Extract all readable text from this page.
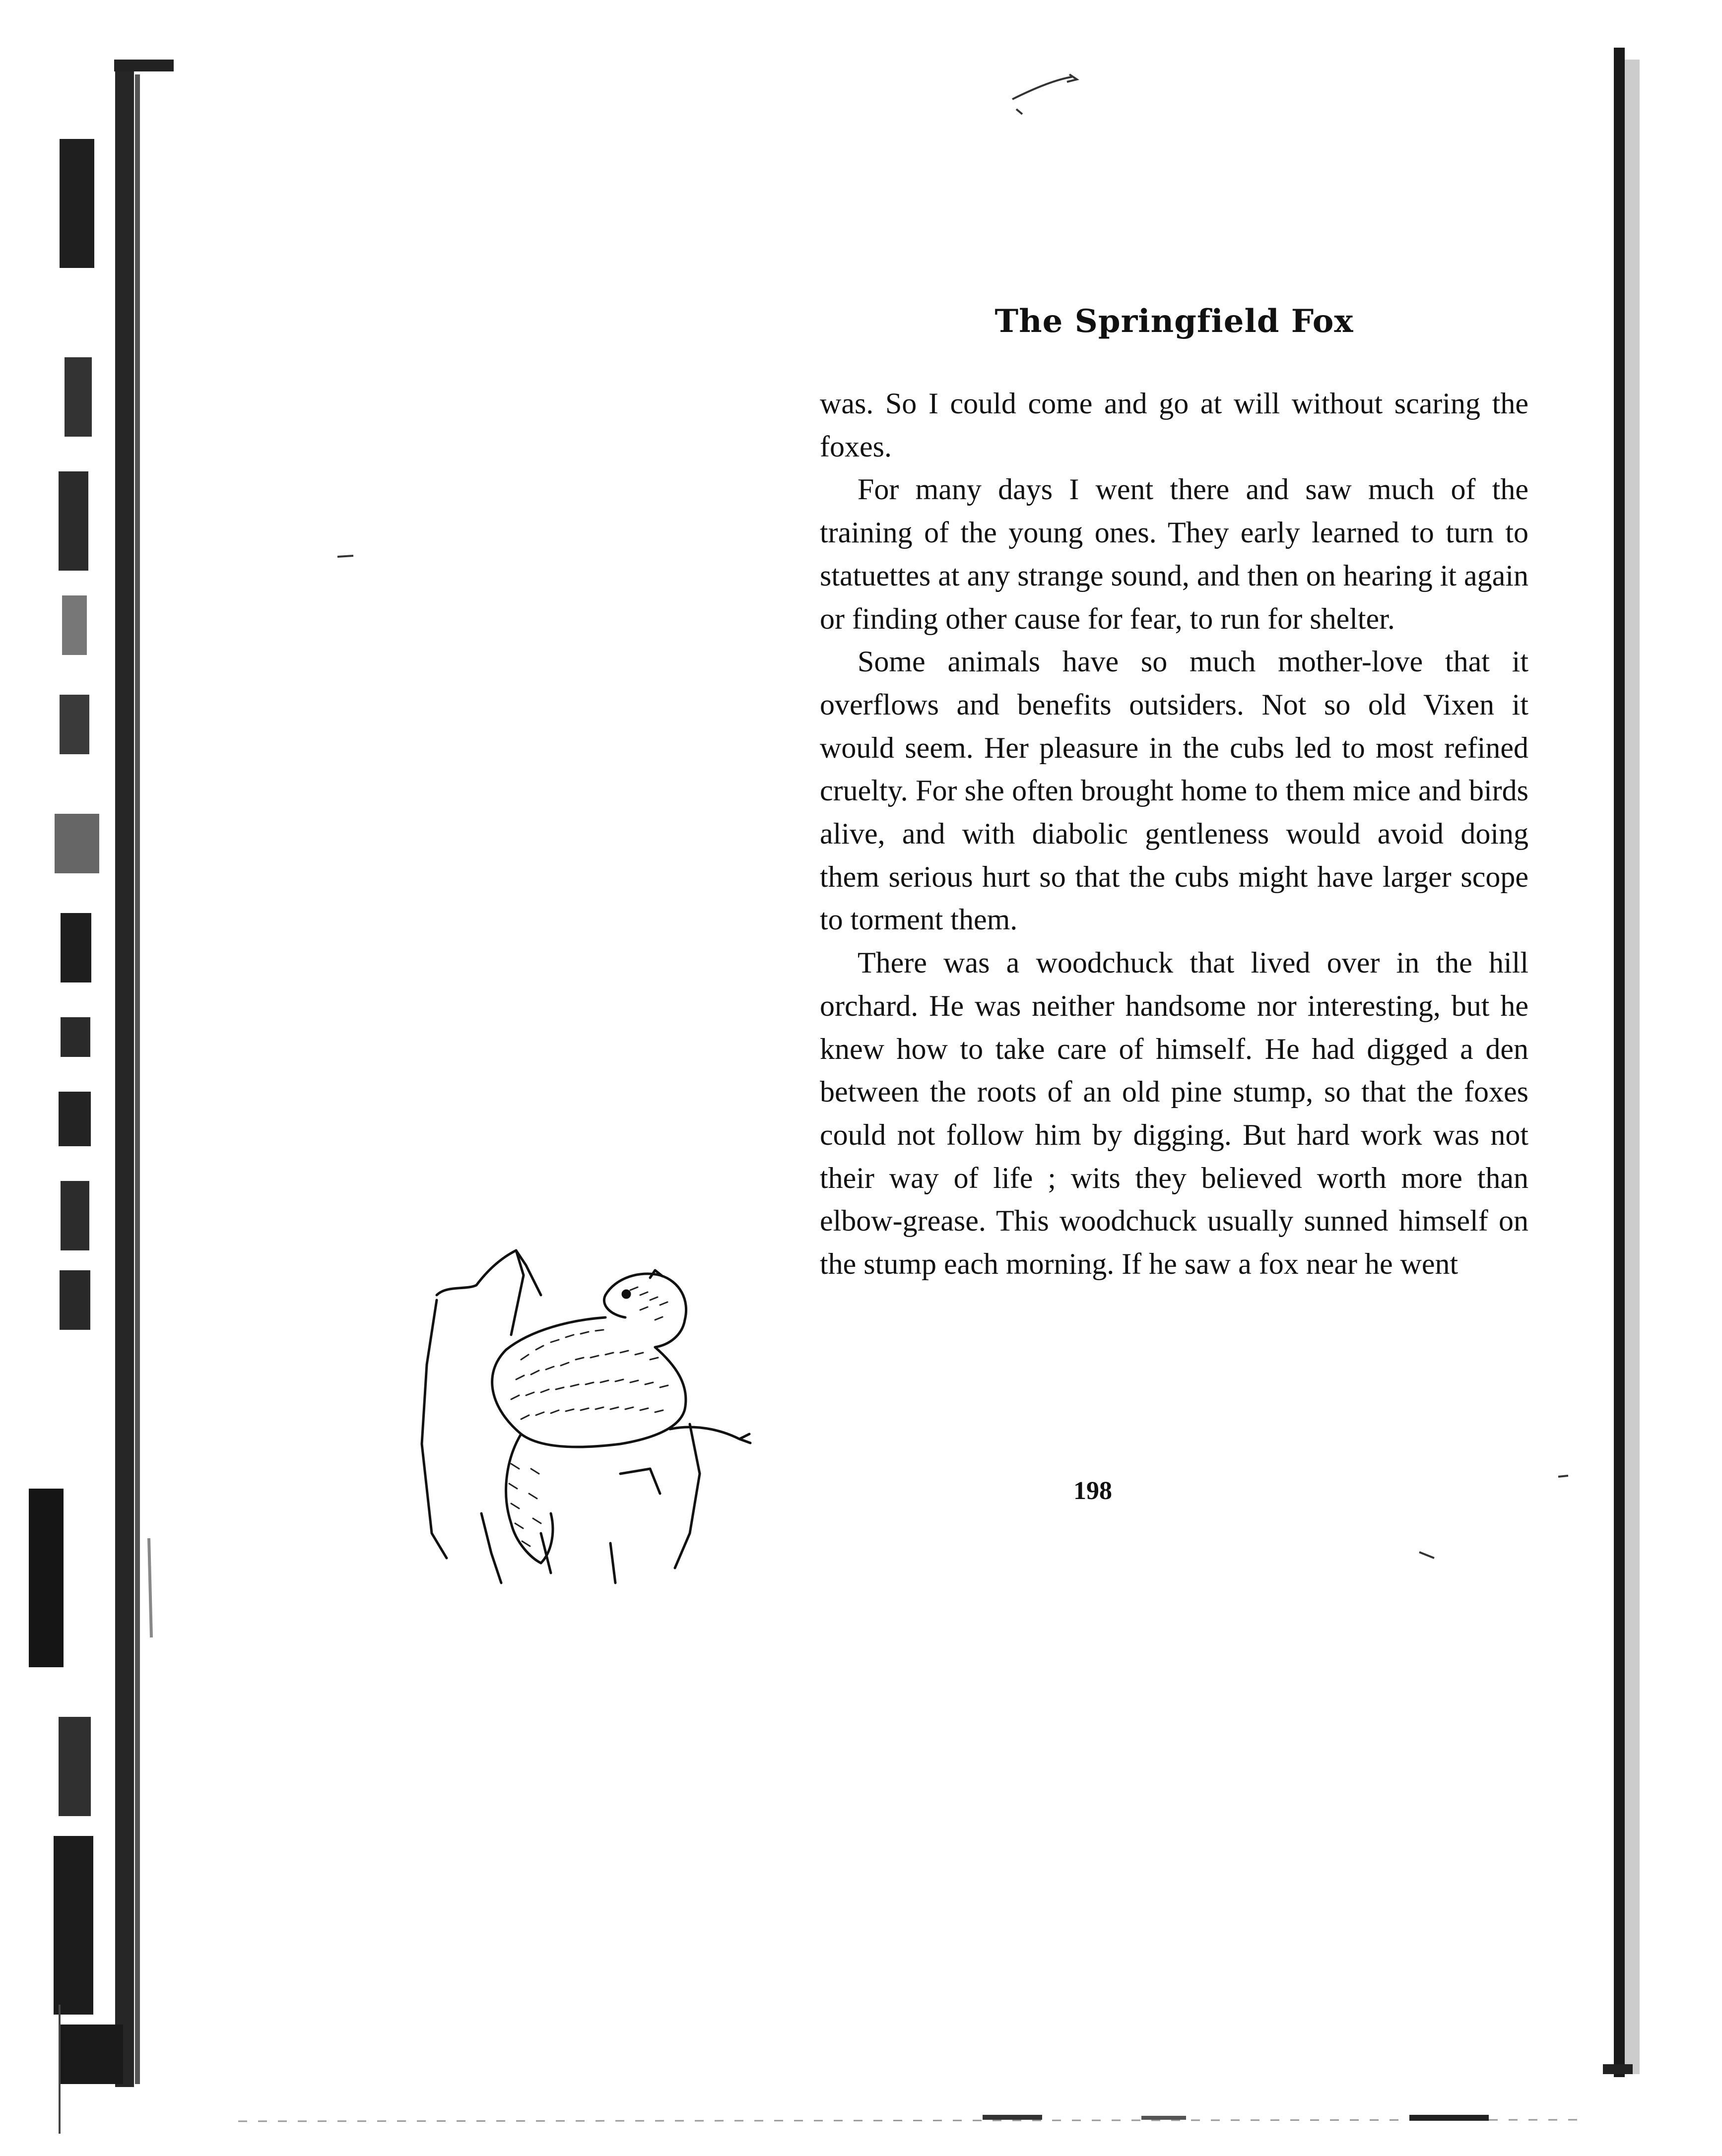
The Springfield Fox

was. So I could come and go at will without scaring the foxes.

For many days I went there and saw much of the training of the young ones. They early learned to turn to statuettes at any strange sound, and then on hearing it again or finding other cause for fear, to run for shelter.

Some animals have so much mother-love that it overflows and benefits outsiders. Not so old Vixen it would seem. Her pleasure in the cubs led to most refined cruelty. For she often brought home to them mice and birds alive, and with diabolic gentleness would avoid doing them serious hurt so that the cubs might have larger scope to torment them.

There was a woodchuck that lived over in the hill orchard. He was neither handsome nor interesting, but he knew how to take care of himself. He had digged a den between the roots of an old pine stump, so that the foxes could not follow him by digging. But hard work was not their way of life ; wits they believed worth more than elbow-grease. This woodchuck usually sunned himself on the stump each morning. If he saw a fox near he went

198
